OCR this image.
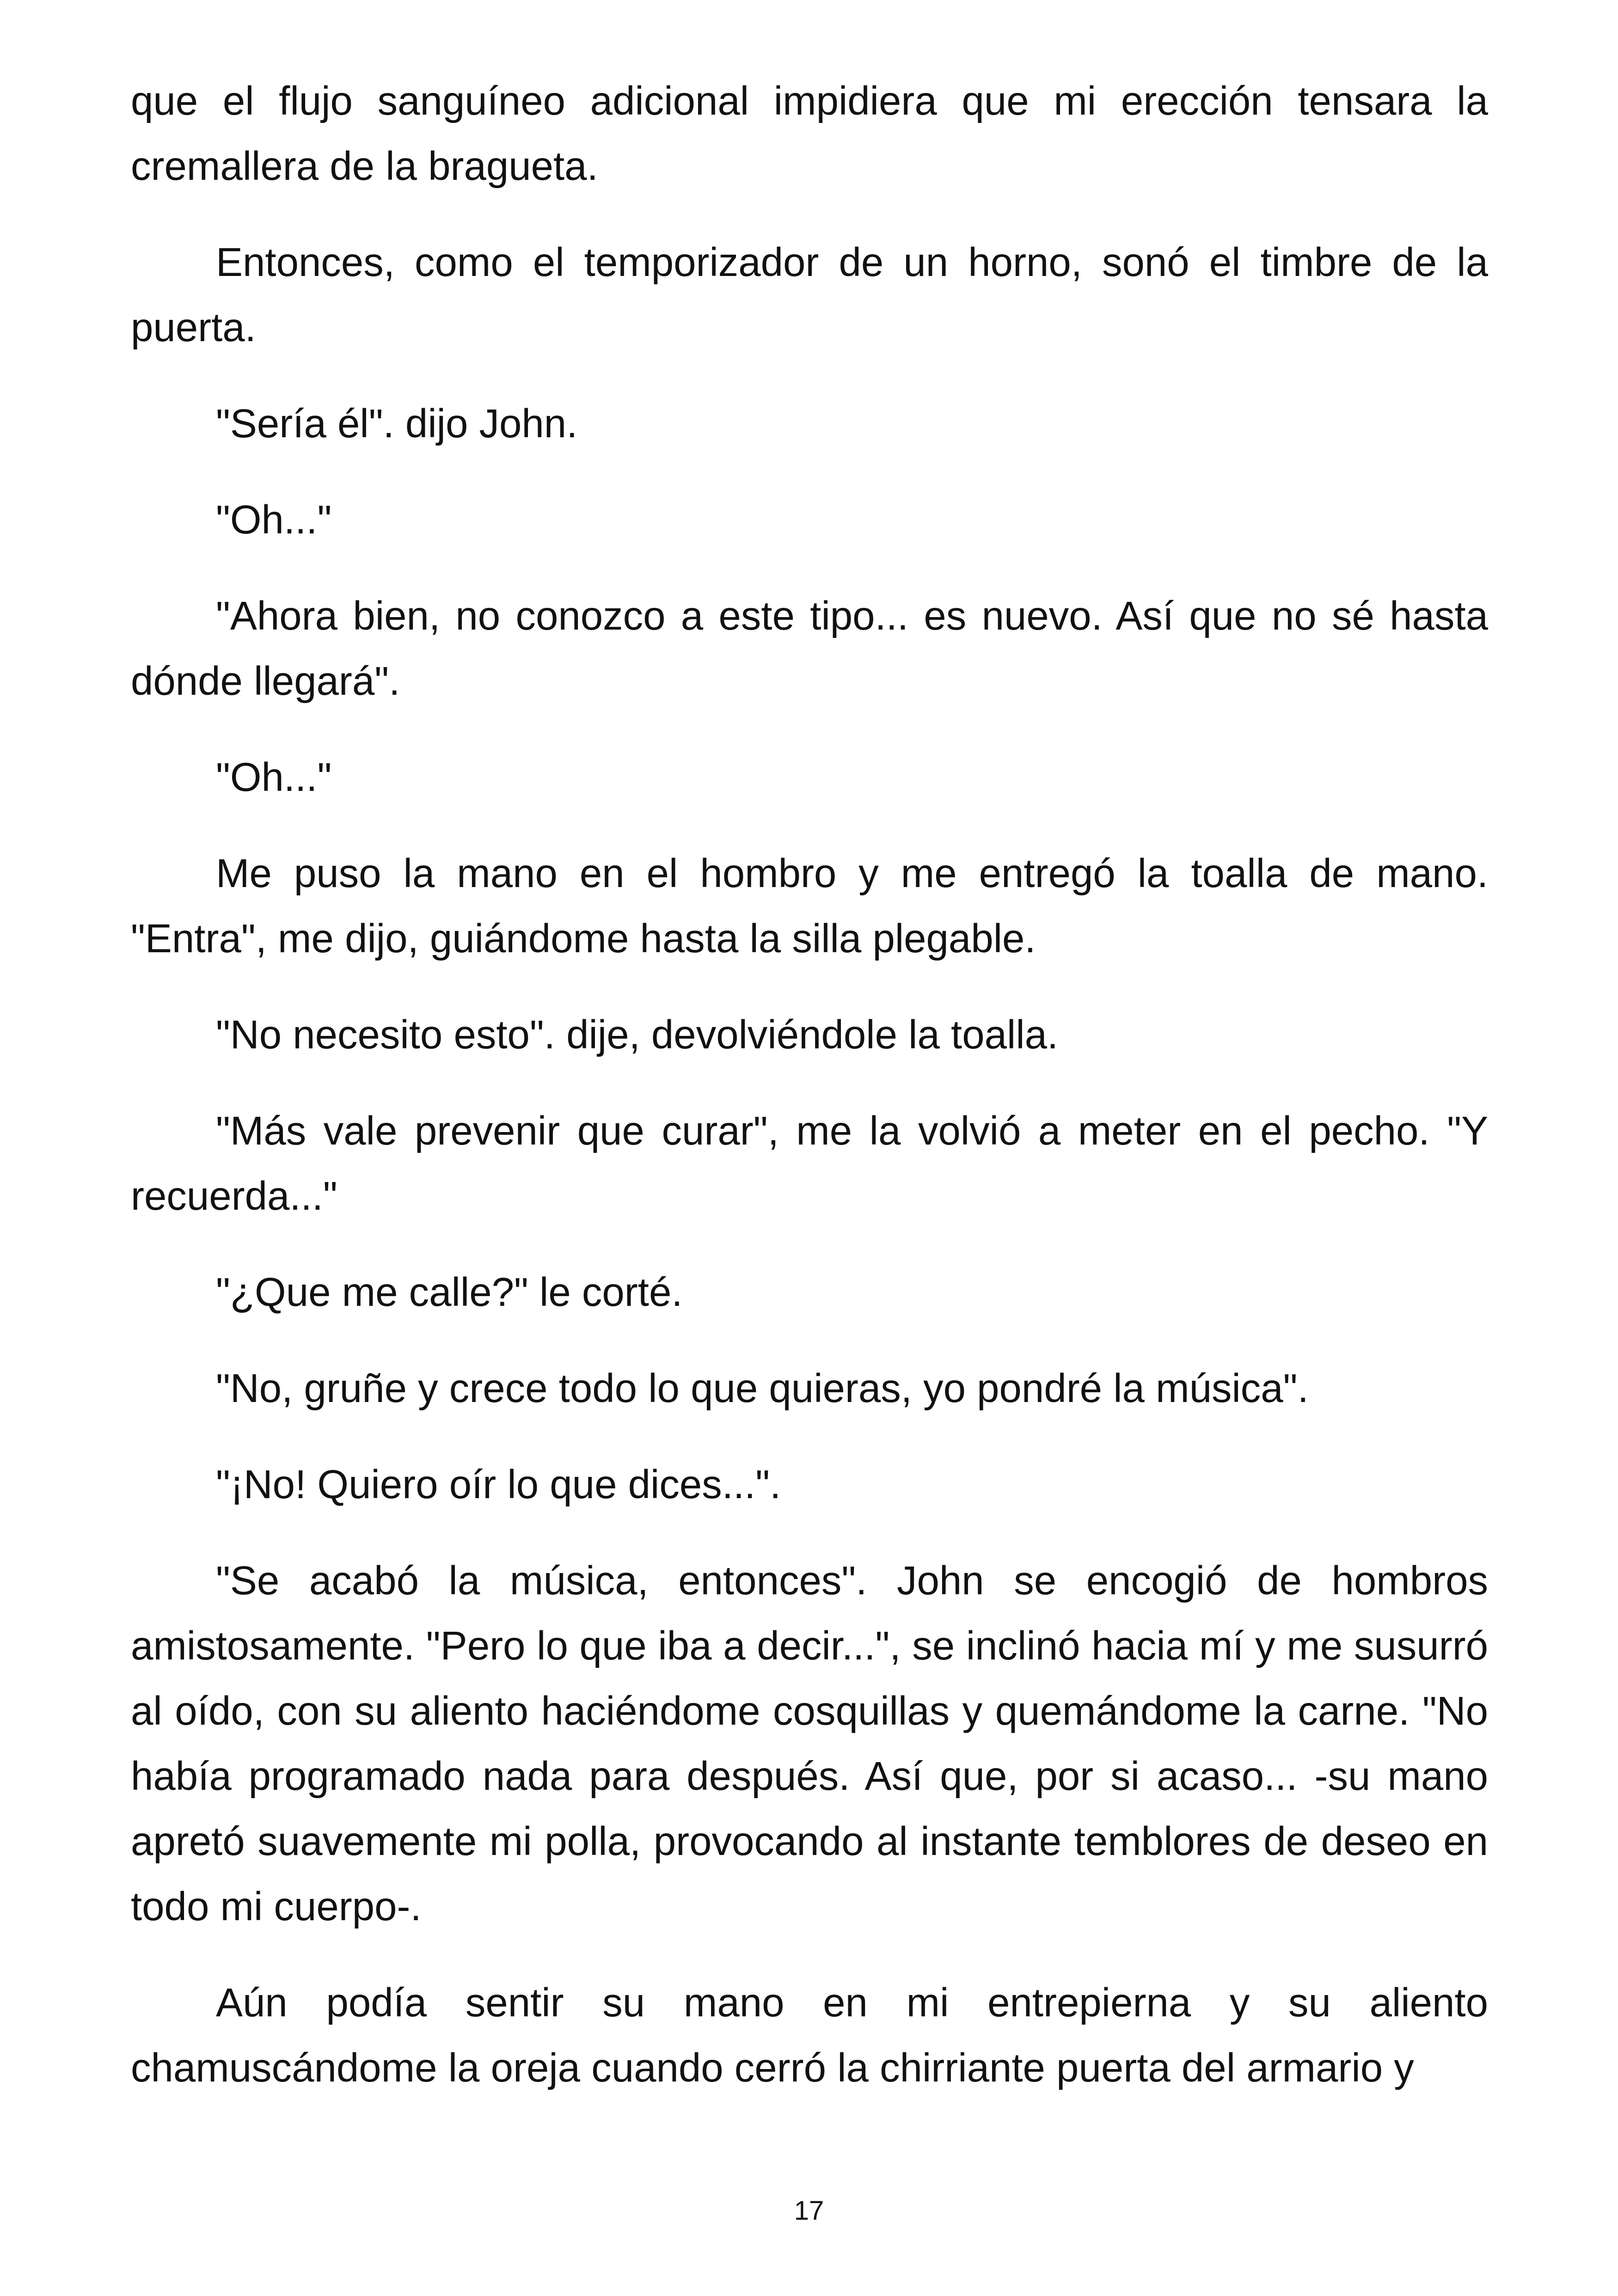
que el flujo sanguíneo adicional impidiera que mi erección tensara la cremallera de la bragueta.

Entonces, como el temporizador de un horno, sonó el timbre de la puerta.

"Sería él". dijo John.

"Oh..."

"Ahora bien, no conozco a este tipo... es nuevo. Así que no sé hasta dónde llegará".

"Oh..."

Me puso la mano en el hombro y me entregó la toalla de mano. "Entra", me dijo, guiándome hasta la silla plegable.

"No necesito esto". dije, devolviéndole la toalla.

"Más vale prevenir que curar", me la volvió a meter en el pecho. "Y recuerda..."

"¿Que me calle?" le corté.

"No, gruñe y crece todo lo que quieras, yo pondré la música".

"¡No! Quiero oír lo que dices...".

"Se acabó la música, entonces". John se encogió de hombros amistosamente. "Pero lo que iba a decir...", se inclinó hacia mí y me susurró al oído, con su aliento haciéndome cosquillas y quemándome la carne. "No había programado nada para después. Así que, por si acaso... -su mano apretó suavemente mi polla, provocando al instante temblores de deseo en todo mi cuerpo-.

Aún podía sentir su mano en mi entrepierna y su aliento chamuscándome la oreja cuando cerró la chirriante puerta del armario y

17
